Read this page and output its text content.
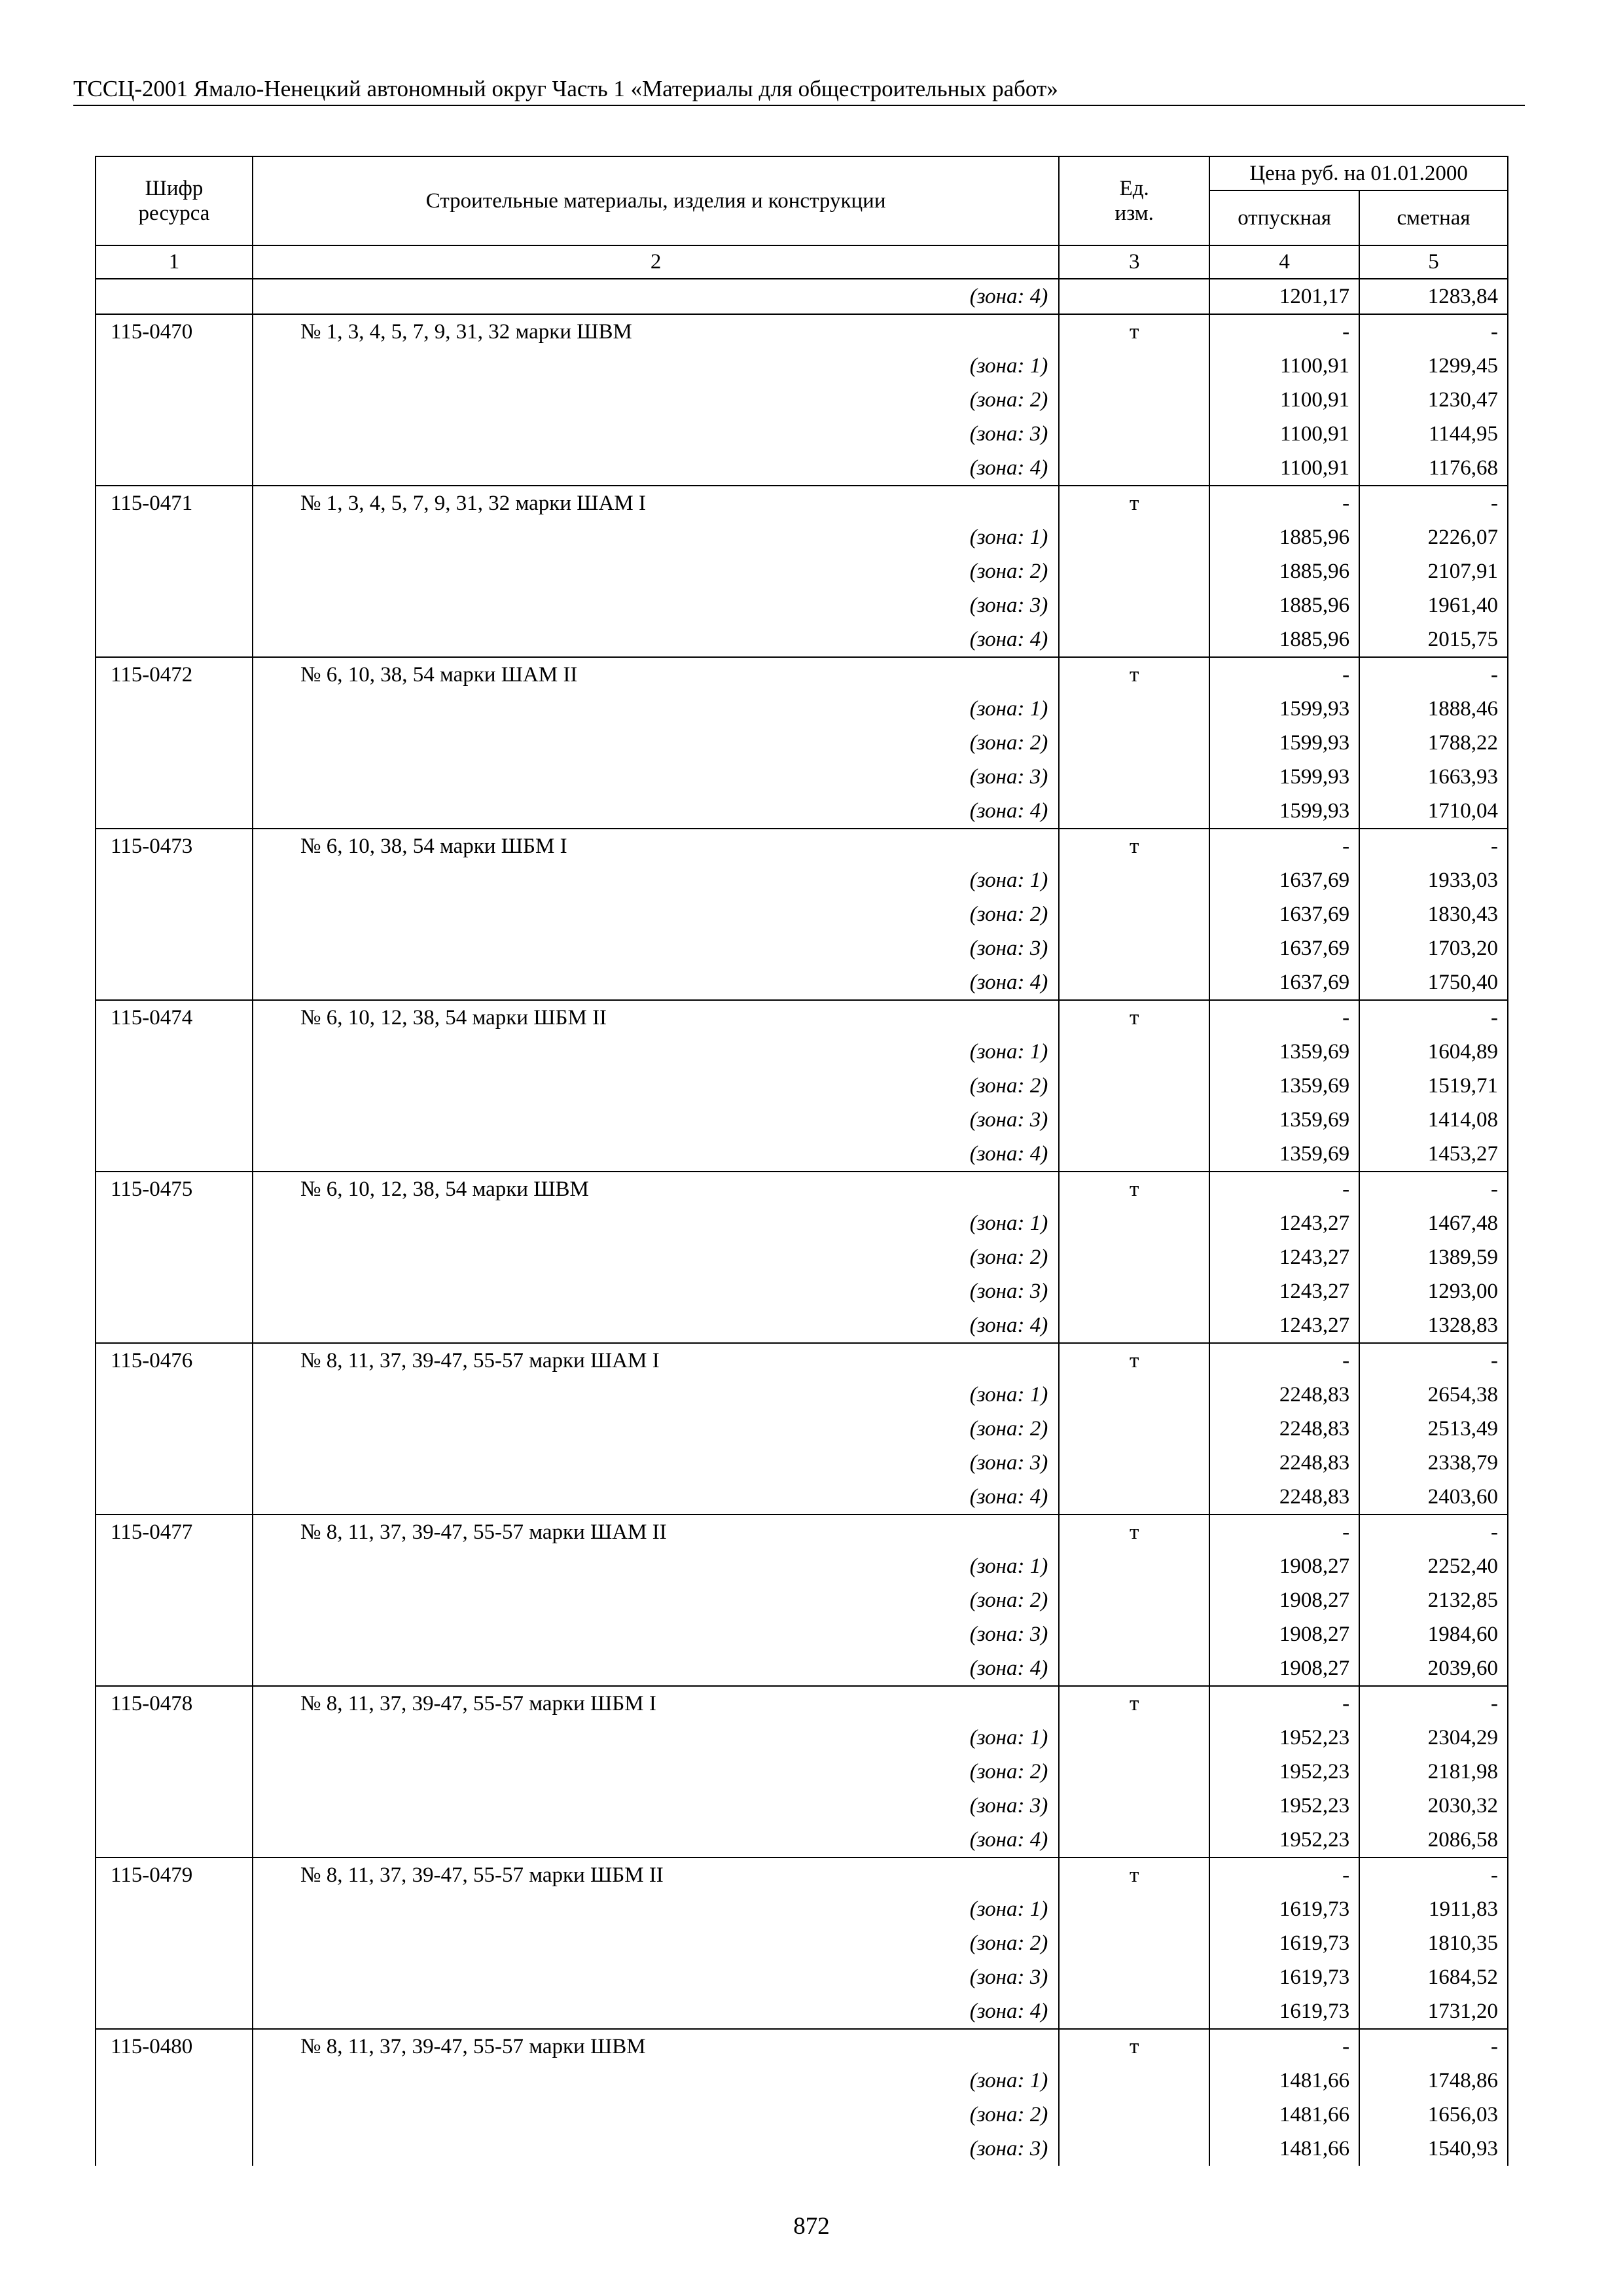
ТССЦ-2001 Ямало-Ненецкий автономный округ Часть 1 «Материалы для общестроительных работ»
Шифр ресурса	Строительные материалы, изделия и конструкции	Ед. изм.	Цена руб. на 01.01.2000	
			отпускная	сметная
1	2	3	4	5
	(зона: 4)		1201,17	1283,84
115-0470	№ 1, 3, 4, 5, 7, 9, 31, 32 марки ШВМ	т	-	-
	(зона: 1)		1100,91	1299,45
	(зона: 2)		1100,91	1230,47
	(зона: 3)		1100,91	1144,95
	(зона: 4)		1100,91	1176,68
115-0471	№ 1, 3, 4, 5, 7, 9, 31, 32 марки ШАМ I	т	-	-
	(зона: 1)		1885,96	2226,07
	(зона: 2)		1885,96	2107,91
	(зона: 3)		1885,96	1961,40
	(зона: 4)		1885,96	2015,75
115-0472	№ 6, 10, 38, 54 марки ШАМ II	т	-	-
	(зона: 1)		1599,93	1888,46
	(зона: 2)		1599,93	1788,22
	(зона: 3)		1599,93	1663,93
	(зона: 4)		1599,93	1710,04
115-0473	№ 6, 10, 38, 54 марки ШБМ I	т	-	-
	(зона: 1)		1637,69	1933,03
	(зона: 2)		1637,69	1830,43
	(зона: 3)		1637,69	1703,20
	(зона: 4)		1637,69	1750,40
115-0474	№ 6, 10, 12, 38, 54 марки ШБМ II	т	-	-
	(зона: 1)		1359,69	1604,89
	(зона: 2)		1359,69	1519,71
	(зона: 3)		1359,69	1414,08
	(зона: 4)		1359,69	1453,27
115-0475	№ 6, 10, 12, 38, 54 марки ШВМ	т	-	-
	(зона: 1)		1243,27	1467,48
	(зона: 2)		1243,27	1389,59
	(зона: 3)		1243,27	1293,00
	(зона: 4)		1243,27	1328,83
115-0476	№ 8, 11, 37, 39-47, 55-57 марки ШАМ I	т	-	-
	(зона: 1)		2248,83	2654,38
	(зона: 2)		2248,83	2513,49
	(зона: 3)		2248,83	2338,79
	(зона: 4)		2248,83	2403,60
115-0477	№ 8, 11, 37, 39-47, 55-57 марки ШАМ II	т	-	-
	(зона: 1)		1908,27	2252,40
	(зона: 2)		1908,27	2132,85
	(зона: 3)		1908,27	1984,60
	(зона: 4)		1908,27	2039,60
115-0478	№ 8, 11, 37, 39-47, 55-57 марки ШБМ I	т	-	-
	(зона: 1)		1952,23	2304,29
	(зона: 2)		1952,23	2181,98
	(зона: 3)		1952,23	2030,32
	(зона: 4)		1952,23	2086,58
115-0479	№ 8, 11, 37, 39-47, 55-57 марки ШБМ II	т	-	-
	(зона: 1)		1619,73	1911,83
	(зона: 2)		1619,73	1810,35
	(зона: 3)		1619,73	1684,52
	(зона: 4)		1619,73	1731,20
115-0480	№ 8, 11, 37, 39-47, 55-57 марки ШВМ	т	-	-
	(зона: 1)		1481,66	1748,86
	(зона: 2)		1481,66	1656,03
	(зона: 3)		1481,66	1540,93
872
